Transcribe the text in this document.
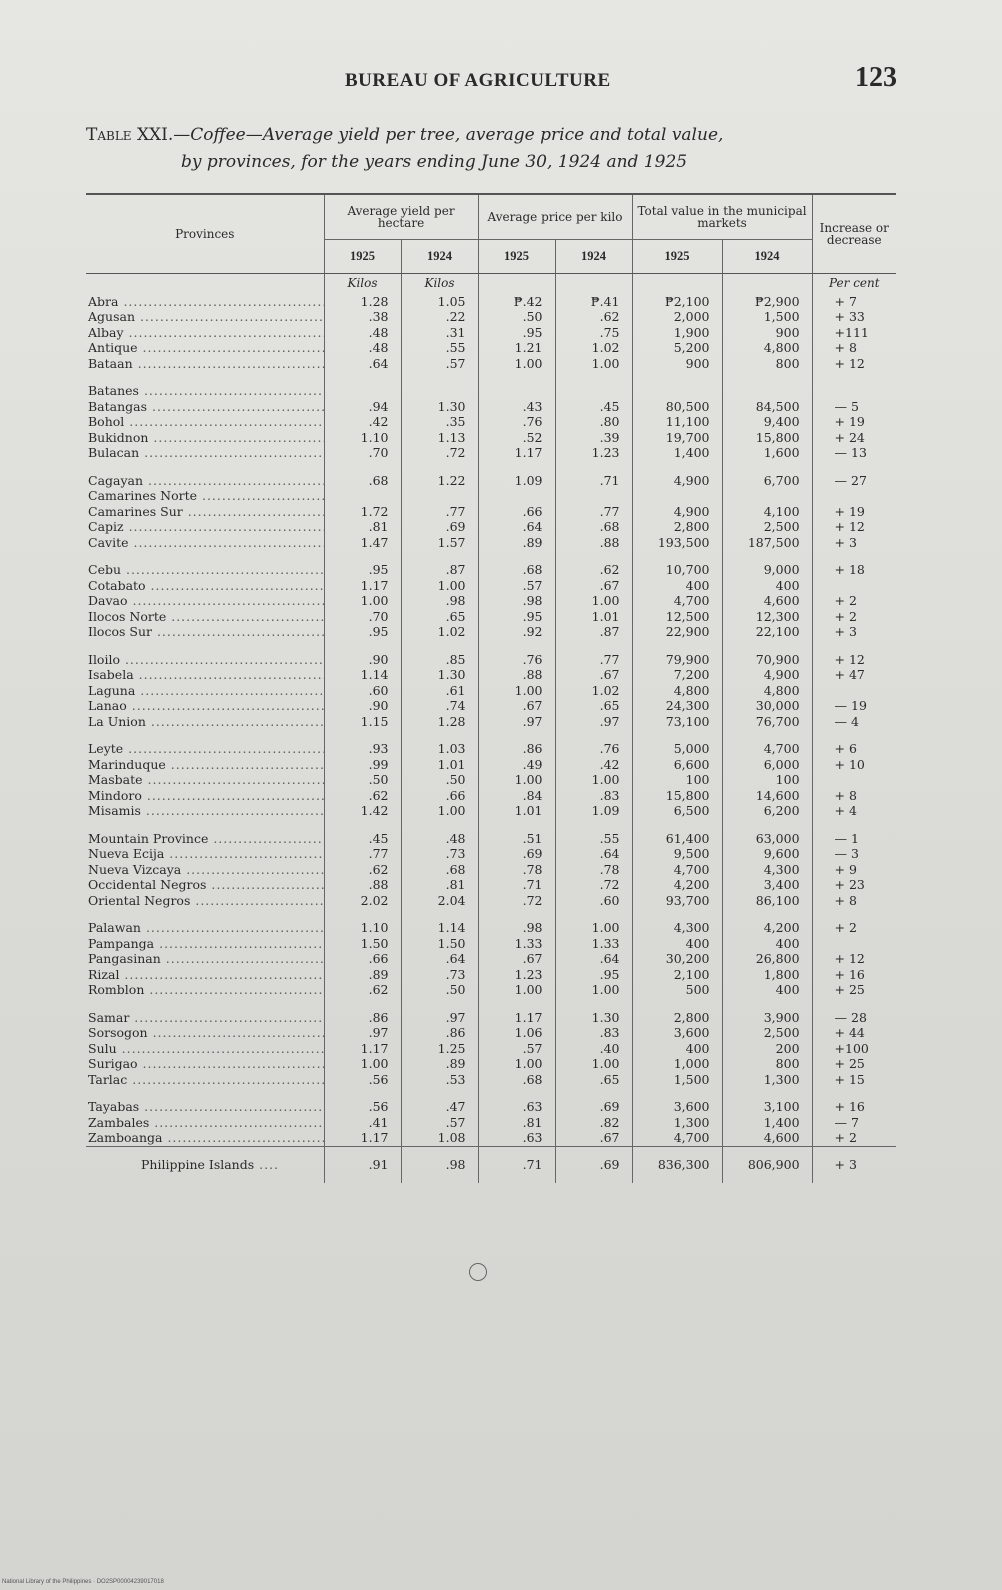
BUREAU OF AGRICULTURE	123
Table XXI.—Coffee—Average yield per tree, average price and total value,
by provinces, for the years ending June 30, 1924 and 1925
Provinces	Average yield per hectare		Average price per kilo		Total value in the municipal markets		Increase or decrease
	1925	1924	1925	1924	1925	1924	
	Kilos	Kilos					Per cent
Abra .....	1.28	1.05	₱.42	₱.41	₱2,100	₱2,900	+ 7
Agusan .....	.38	.22	.50	.62	2,000	1,500	+ 33
Albay .....	.48	.31	.95	.75	1,900	900	+111
Antique .....	.48	.55	1.21	1.02	5,200	4,800	+ 8
Bataan .....	.64	.57	1.00	1.00	900	800	+ 12

Batanes .....							
Batangas .....	.94	1.30	.43	.45	80,500	84,500	— 5
Bohol .....	.42	.35	.76	.80	11,100	9,400	+ 19
Bukidnon .....	1.10	1.13	.52	.39	19,700	15,800	+ 24
Bulacan .....	.70	.72	1.17	1.23	1,400	1,600	— 13

Cagayan .....	.68	1.22	1.09	.71	4,900	6,700	— 27
Camarines Norte .....							
Camarines Sur .....	1.72	.77	.66	.77	4,900	4,100	+ 19
Capiz .....	.81	.69	.64	.68	2,800	2,500	+ 12
Cavite .....	1.47	1.57	.89	.88	193,500	187,500	+ 3

Cebu .....	.95	.87	.68	.62	10,700	9,000	+ 18
Cotabato .....	1.17	1.00	.57	.67	400	400	
Davao .....	1.00	.98	.98	1.00	4,700	4,600	+ 2
Ilocos Norte .....	.70	.65	.95	1.01	12,500	12,300	+ 2
Ilocos Sur .....	.95	1.02	.92	.87	22,900	22,100	+ 3

Iloilo .....	.90	.85	.76	.77	79,900	70,900	+ 12
Isabela .....	1.14	1.30	.88	.67	7,200	4,900	+ 47
Laguna .....	.60	.61	1.00	1.02	4,800	4,800	
Lanao .....	.90	.74	.67	.65	24,300	30,000	— 19
La Union .....	1.15	1.28	.97	.97	73,100	76,700	— 4

Leyte .....	.93	1.03	.86	.76	5,000	4,700	+ 6
Marinduque .....	.99	1.01	.49	.42	6,600	6,000	+ 10
Masbate .....	.50	.50	1.00	1.00	100	100	
Mindoro .....	.62	.66	.84	.83	15,800	14,600	+ 8
Misamis .....	1.42	1.00	1.01	1.09	6,500	6,200	+ 4

Mountain Province .....	.45	.48	.51	.55	61,400	63,000	— 1
Nueva Ecija .....	.77	.73	.69	.64	9,500	9,600	— 3
Nueva Vizcaya .....	.62	.68	.78	.78	4,700	4,300	+ 9
Occidental Negros .....	.88	.81	.71	.72	4,200	3,400	+ 23
Oriental Negros .....	2.02	2.04	.72	.60	93,700	86,100	+ 8

Palawan .....	1.10	1.14	.98	1.00	4,300	4,200	+ 2
Pampanga .....	1.50	1.50	1.33	1.33	400	400	
Pangasinan .....	.66	.64	.67	.64	30,200	26,800	+ 12
Rizal .....	.89	.73	1.23	.95	2,100	1,800	+ 16
Romblon .....	.62	.50	1.00	1.00	500	400	+ 25

Samar .....	.86	.97	1.17	1.30	2,800	3,900	— 28
Sorsogon .....	.97	.86	1.06	.83	3,600	2,500	+ 44
Sulu .....	1.17	1.25	.57	.40	400	200	+100
Surigao .....	1.00	.89	1.00	1.00	1,000	800	+ 25
Tarlac .....	.56	.53	.68	.65	1,500	1,300	+ 15

Tayabas .....	.56	.47	.63	.69	3,600	3,100	+ 16
Zambales .....	.41	.57	.81	.82	1,300	1,400	— 7
Zamboanga .....	1.17	1.08	.63	.67	4,700	4,600	+ 2
Philippine Islands ....	.91	.98	.71	.69	836,300	806,900	+ 3
National Library of the Philippines · DO2SP00004239017018
